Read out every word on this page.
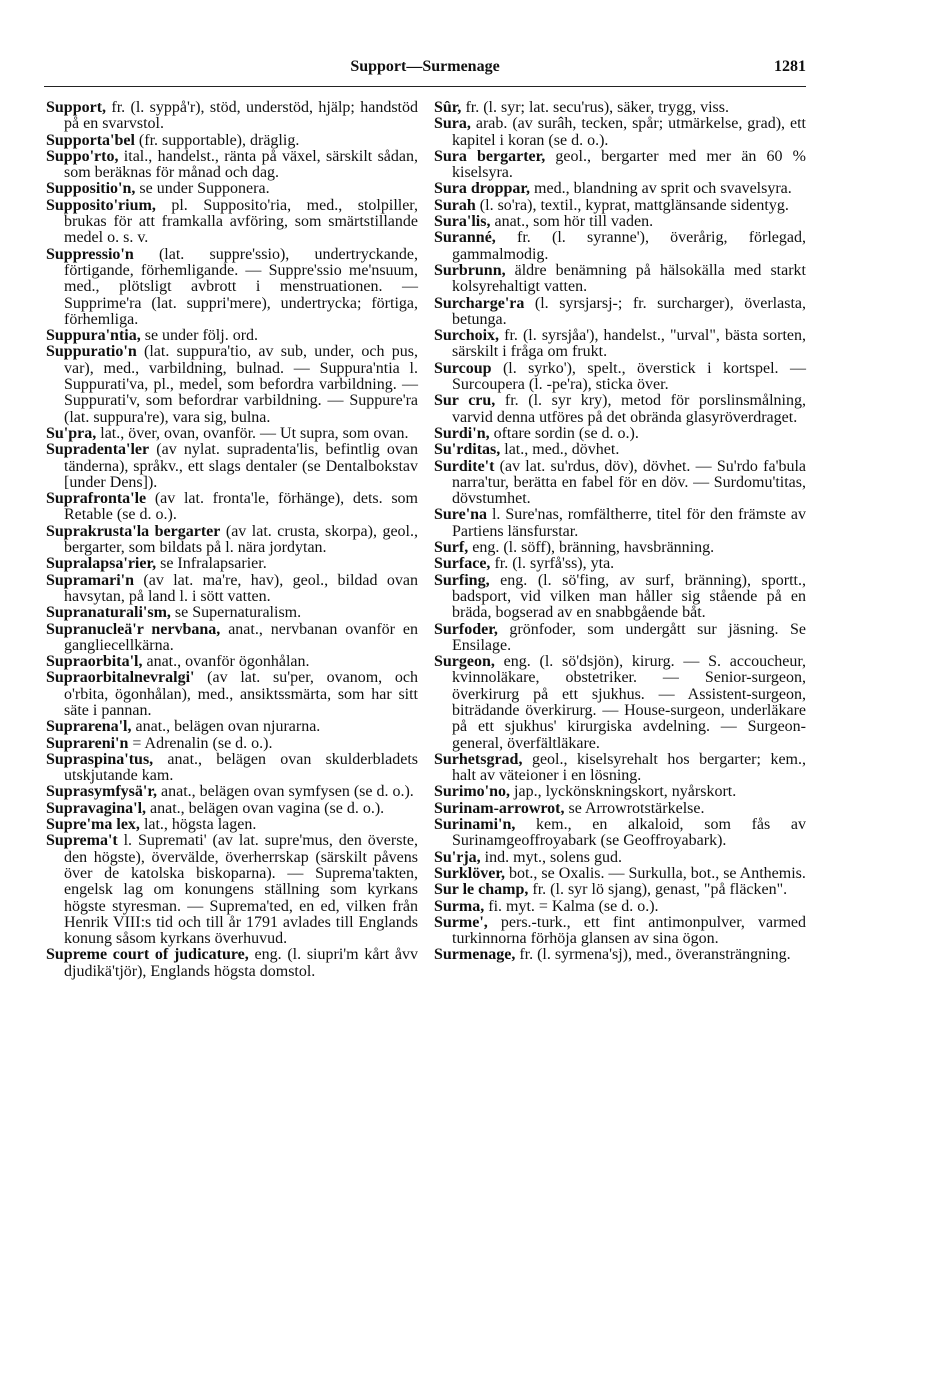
Support—Surmenage	1281

Support, fr. (l. syppå'r), stöd, understöd, hjälp; handstöd på en svarvstol.

Supporta'bel (fr. supportable), dräglig.

Suppo'rto, ital., handelst., ränta på växel, särskilt sådan, som beräknas för månad och dag.

Suppositio'n, se under Supponera.

Supposito'rium, pl. Supposito'ria, med., stolpiller, brukas för att framkalla avföring, som smärtstillande medel o. s. v.

Suppressio'n (lat. suppre'ssio), undertryckande, förtigande, förhemligande. — Suppre'ssio me'nsuum, med., plötsligt avbrott i menstruationen. — Supprime'ra (lat. suppri'mere), undertrycka; förtiga, förhemliga.

Suppura'ntia, se under följ. ord.

Suppuratio'n (lat. suppura'tio, av sub, under, och pus, var), med., varbildning, bulnad. — Suppura'ntia l. Suppurati'va, pl., medel, som befordra varbildning. — Suppurati'v, som befordrar varbildning. — Suppure'ra (lat. suppura're), vara sig, bulna.

Su'pra, lat., över, ovan, ovanför. — Ut supra, som ovan.

Supradenta'ler (av nylat. supradenta'lis, befintlig ovan tänderna), språkv., ett slags dentaler (se Dentalbokstav [under Dens]).

Suprafronta'le (av lat. fronta'le, förhänge), dets. som Retable (se d. o.).

Suprakrusta'la bergarter (av lat. crusta, skorpa), geol., bergarter, som bildats på l. nära jordytan.

Supralapsa'rier, se Infralapsarier.

Supramari'n (av lat. ma're, hav), geol., bildad ovan havsytan, på land l. i sött vatten.

Supranaturali'sm, se Supernaturalism.

Supranucleä'r nervbana, anat., nervbanan ovanför en gangliecellkärna.

Supraorbita'l, anat., ovanför ögonhålan.

Supraorbitalnevralgi' (av lat. su'per, ovanom, och o'rbita, ögonhålan), med., ansiktssmärta, som har sitt säte i pannan.

Suprarena'l, anat., belägen ovan njurarna.

Suprareni'n = Adrenalin (se d. o.).

Supraspina'tus, anat., belägen ovan skulderbladets utskjutande kam.

Suprasymfysä'r, anat., belägen ovan symfysen (se d. o.).

Supravagina'l, anat., belägen ovan vagina (se d. o.).

Supre'ma lex, lat., högsta lagen.

Suprema't l. Supremati' (av lat. supre'mus, den överste, den högste), övervälde, överherrskap (särskilt påvens över de katolska biskoparna). — Suprema'takten, engelsk lag om konungens ställning som kyrkans högste styresman. — Suprema'ted, en ed, vilken från Henrik VIII:s tid och till år 1791 avlades till Englands konung såsom kyrkans överhuvud.

Supreme court of judicature, eng. (l. siupri'm kårt åvv djudikä'tjör), Englands högsta domstol.

Sûr, fr. (l. syr; lat. secu'rus), säker, trygg, viss.

Sura, arab. (av surâh, tecken, spår; utmärkelse, grad), ett kapitel i koran (se d. o.).

Sura bergarter, geol., bergarter med mer än 60 % kiselsyra.

Sura droppar, med., blandning av sprit och svavelsyra.

Surah (l. so'ra), textil., kyprat, mattglänsande sidentyg.

Sura'lis, anat., som hör till vaden.

Suranné, fr. (l. syranne'), överårig, förlegad, gammalmodig.

Surbrunn, äldre benämning på hälsokälla med starkt kolsyrehaltigt vatten.

Surcharge'ra (l. syrsjarsj-; fr. surcharger), överlasta, betunga.

Surchoix, fr. (l. syrsjåa'), handelst., "urval", bästa sorten, särskilt i fråga om frukt.

Surcoup (l. syrko'), spelt., överstick i kortspel. — Surcoupera (l. -pe'ra), sticka över.

Sur cru, fr. (l. syr kry), metod för porslinsmålning, varvid denna utföres på det obrända glasyröverdraget.

Surdi'n, oftare sordin (se d. o.).

Su'rditas, lat., med., dövhet.

Surdite't (av lat. su'rdus, döv), dövhet. — Su'rdo fa'bula narra'tur, berätta en fabel för en döv. — Surdomu'titas, dövstumhet.

Sure'na l. Sure'nas, romfältherre, titel för den främste av Partiens länsfurstar.

Surf, eng. (l. söff), bränning, havsbränning.

Surface, fr. (l. syrfå'ss), yta.

Surfing, eng. (l. sö'fing, av surf, bränning), sportt., badsport, vid vilken man håller sig stående på en bräda, bogserad av en snabbgående båt.

Surfoder, grönfoder, som undergått sur jäsning. Se Ensilage.

Surgeon, eng. (l. sö'dsjön), kirurg. — S. accoucheur, kvinnoläkare, obstetriker. — Senior-surgeon, överkirurg på ett sjukhus. — Assistent-surgeon, biträdande överkirurg. — House-surgeon, underläkare på ett sjukhus' kirurgiska avdelning. — Surgeon-general, överfältläkare.

Surhetsgrad, geol., kiselsyrehalt hos bergarter; kem., halt av väteioner i en lösning.

Surimo'no, jap., lyckönskningskort, nyårskort.

Surinam-arrowrot, se Arrowrotstärkelse.

Surinami'n, kem., en alkaloid, som fås av Surinamgeoffroyabark (se Geoffroyabark).

Su'rja, ind. myt., solens gud.

Surklöver, bot., se Oxalis. — Surkulla, bot., se Anthemis.

Sur le champ, fr. (l. syr lö sjang), genast, "på fläcken".

Surma, fi. myt. = Kalma (se d. o.).

Surme', pers.-turk., ett fint antimonpulver, varmed turkinnorna förhöja glansen av sina ögon.

Surmenage, fr. (l. syrmena'sj), med., överansträngning.
